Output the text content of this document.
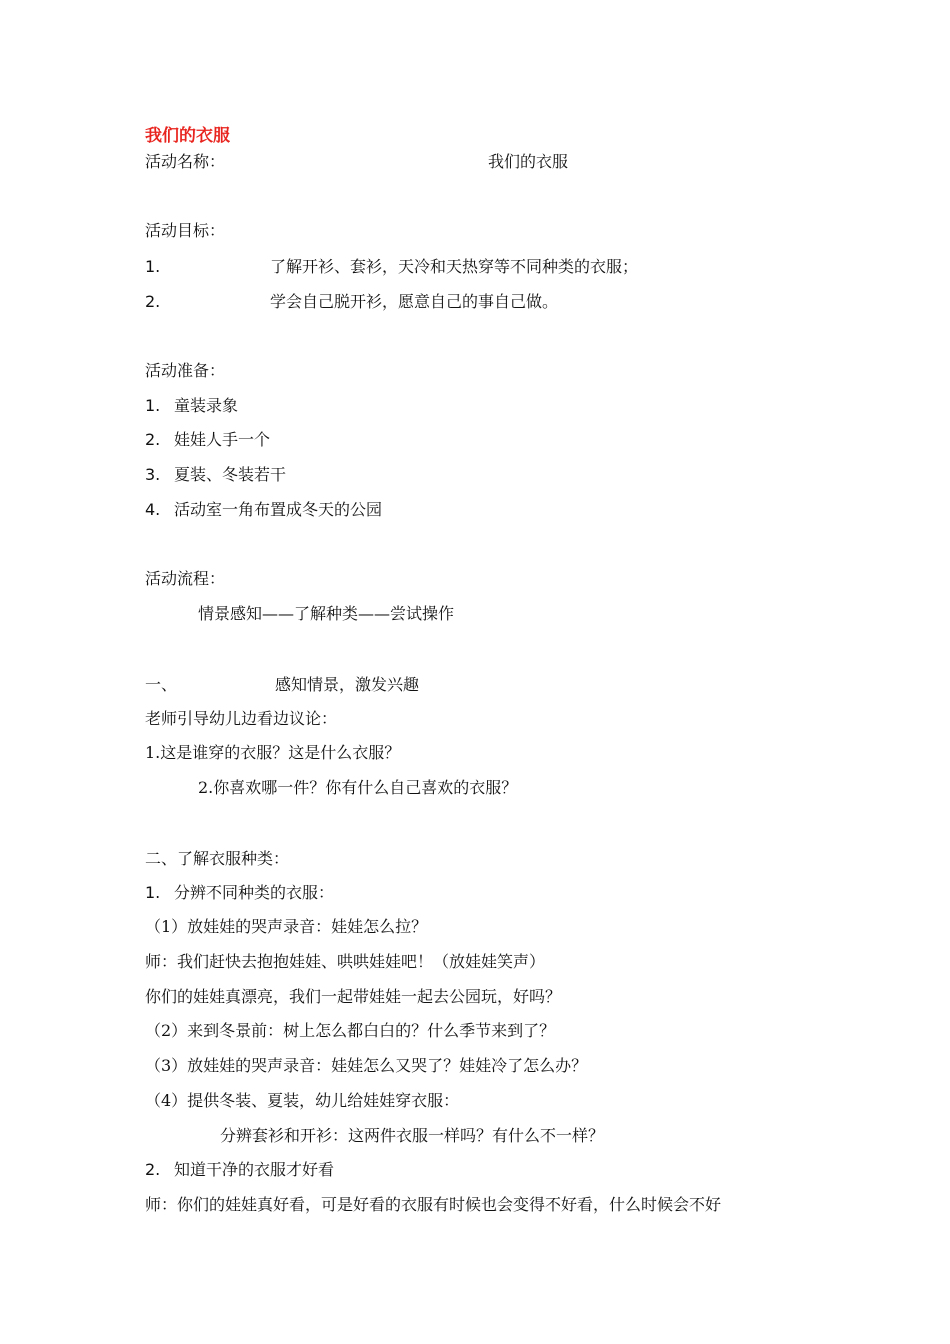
我们的衣服
活动名称：	我们的衣服
活动目标：
1.	了解开衫、套衫，天冷和天热穿等不同种类的衣服；
2.	学会自己脱开衫，愿意自己的事自己做。
活动准备：
1. 童装录象
2. 娃娃人手一个
3. 夏装、冬装若干
4. 活动室一角布置成冬天的公园
活动流程：
情景感知——了解种类——尝试操作
一、	感知情景，激发兴趣
老师引导幼儿边看边议论：
1.这是谁穿的衣服？这是什么衣服？
2.你喜欢哪一件？你有什么自己喜欢的衣服？
二、了解衣服种类：
1. 分辨不同种类的衣服：
（1）放娃娃的哭声录音：娃娃怎么拉？
师：我们赶快去抱抱娃娃、哄哄娃娃吧！（放娃娃笑声）
你们的娃娃真漂亮，我们一起带娃娃一起去公园玩，好吗？
（2）来到冬景前：树上怎么都白白的？什么季节来到了？
（3）放娃娃的哭声录音：娃娃怎么又哭了？娃娃冷了怎么办？
（4）提供冬装、夏装，幼儿给娃娃穿衣服：
分辨套衫和开衫：这两件衣服一样吗？有什么不一样？
2. 知道干净的衣服才好看
师：你们的娃娃真好看，可是好看的衣服有时候也会变得不好看，什么时候会不好
